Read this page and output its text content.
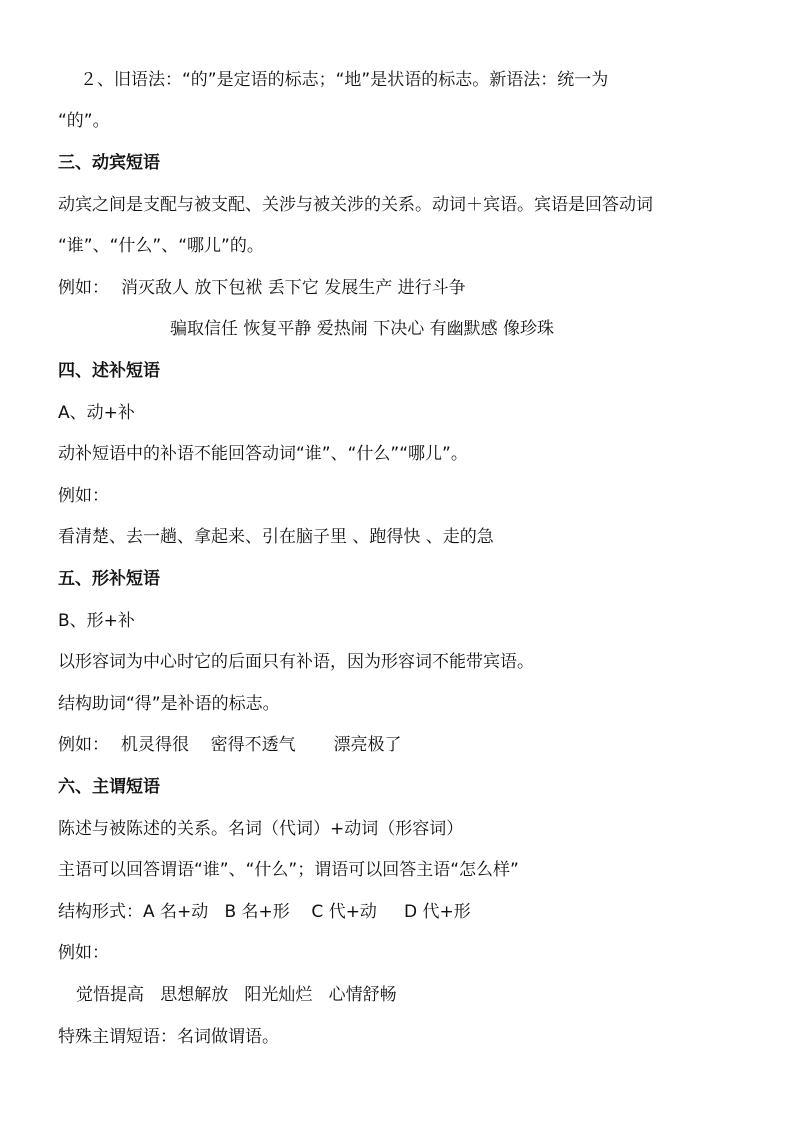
２、旧语法：“的”是定语的标志；“地”是状语的标志。新语法：统一为
“的”。
三、动宾短语
动宾之间是支配与被支配、关涉与被关涉的关系。动词＋宾语。宾语是回答动词
“谁”、“什么”、“哪儿”的。
例如： 消灭敌人 放下包袱 丢下它 发展生产 进行斗争
骗取信任 恢复平静 爱热闹 下决心 有幽默感 像珍珠
四、述补短语
A、动+补
动补短语中的补语不能回答动词“谁”、“什么”“哪儿”。
例如：
看清楚、去一趟、拿起来、引在脑子里 、跑得快 、走的急
五、形补短语
B、形+补
以形容词为中心时它的后面只有补语，因为形容词不能带宾语。
结构助词“得”是补语的标志。
例如： 机灵得很    密得不透气       漂亮极了
六、主谓短语
陈述与被陈述的关系。名词（代词）+动词（形容词）
主语可以回答谓语“谁”、“什么”；谓语可以回答主语“怎么样”
结构形式：A 名+动   B 名+形    C 代+动     D 代+形
例如：
觉悟提高   思想解放   阳光灿烂   心情舒畅
特殊主谓短语：名词做谓语。
